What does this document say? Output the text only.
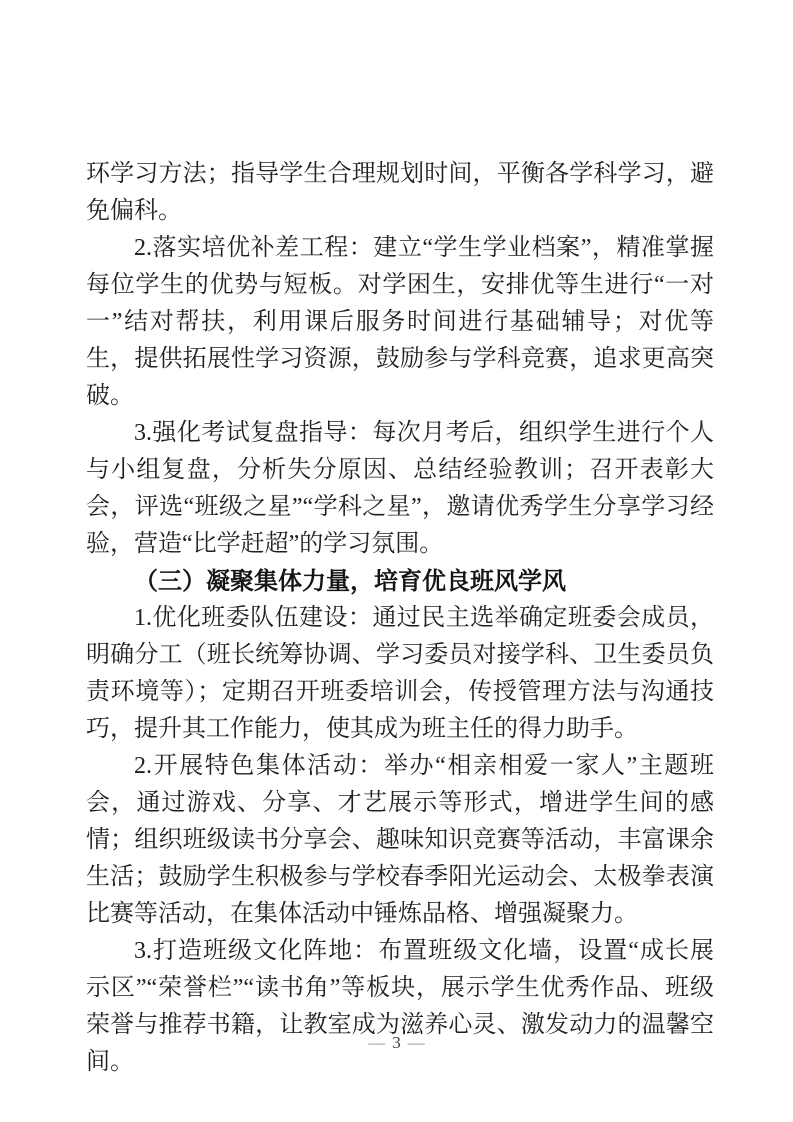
环学习方法；指导学生合理规划时间，平衡各学科学习，避免偏科。

2.落实培优补差工程：建立“学生学业档案”，精准掌握每位学生的优势与短板。对学困生，安排优等生进行“一对一”结对帮扶，利用课后服务时间进行基础辅导；对优等生，提供拓展性学习资源，鼓励参与学科竞赛，追求更高突破。

3.强化考试复盘指导：每次月考后，组织学生进行个人与小组复盘，分析失分原因、总结经验教训；召开表彰大会，评选“班级之星”“学科之星”，邀请优秀学生分享学习经验，营造“比学赶超”的学习氛围。

（三）凝聚集体力量，培育优良班风学风

1.优化班委队伍建设：通过民主选举确定班委会成员，明确分工（班长统筹协调、学习委员对接学科、卫生委员负责环境等）；定期召开班委培训会，传授管理方法与沟通技巧，提升其工作能力，使其成为班主任的得力助手。

2.开展特色集体活动：举办“相亲相爱一家人”主题班会，通过游戏、分享、才艺展示等形式，增进学生间的感情；组织班级读书分享会、趣味知识竞赛等活动，丰富课余生活；鼓励学生积极参与学校春季阳光运动会、太极拳表演比赛等活动，在集体活动中锤炼品格、增强凝聚力。

3.打造班级文化阵地：布置班级文化墙，设置“成长展示区”“荣誉栏”“读书角”等板块，展示学生优秀作品、班级荣誉与推荐书籍，让教室成为滋养心灵、激发动力的温馨空间。

— 3 —
